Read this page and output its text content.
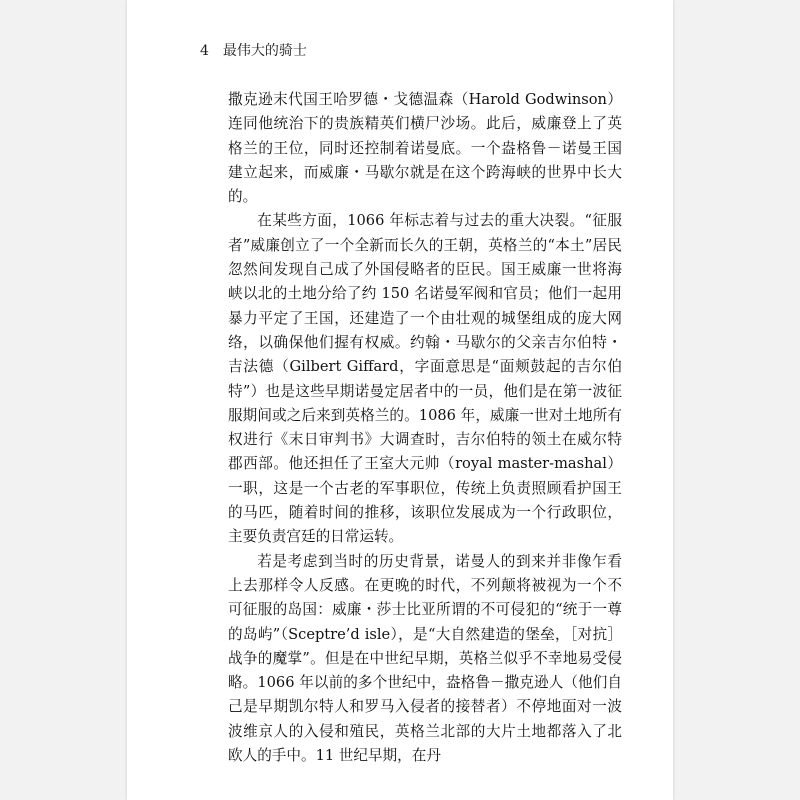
4 最伟大的骑士

撒克逊末代国王哈罗德・戈德温森（Harold Godwinson）连同他统治下的贵族精英们横尸沙场。此后，威廉登上了英格兰的王位，同时还控制着诺曼底。一个盎格鲁－诺曼王国建立起来，而威廉・马歇尔就是在这个跨海峡的世界中长大的。

在某些方面，1066 年标志着与过去的重大决裂。“征服者”威廉创立了一个全新而长久的王朝，英格兰的“本土”居民忽然间发现自己成了外国侵略者的臣民。国王威廉一世将海峡以北的土地分给了约 150 名诺曼军阀和官员；他们一起用暴力平定了王国，还建造了一个由壮观的城堡组成的庞大网络，以确保他们握有权威。约翰・马歇尔的父亲吉尔伯特・吉法德（Gilbert Giffard，字面意思是“面颊鼓起的吉尔伯特”）也是这些早期诺曼定居者中的一员，他们是在第一波征服期间或之后来到英格兰的。1086 年，威廉一世对土地所有权进行《末日审判书》大调查时，吉尔伯特的领土在威尔特郡西部。他还担任了王室大元帅（royal master-mashal）一职，这是一个古老的军事职位，传统上负责照顾看护国王的马匹，随着时间的推移，该职位发展成为一个行政职位，主要负责宫廷的日常运转。

若是考虑到当时的历史背景，诺曼人的到来并非像乍看上去那样令人反感。在更晚的时代，不列颠将被视为一个不可征服的岛国：威廉・莎士比亚所谓的不可侵犯的“统于一尊的岛屿”（Sceptre’d isle），是“大自然建造的堡垒，［对抗］战争的魔掌”。但是在中世纪早期，英格兰似乎不幸地易受侵略。1066 年以前的多个世纪中，盎格鲁－撒克逊人（他们自己是早期凯尔特人和罗马入侵者的接替者）不停地面对一波波维京人的入侵和殖民，英格兰北部的大片土地都落入了北欧人的手中。11 世纪早期，在丹
